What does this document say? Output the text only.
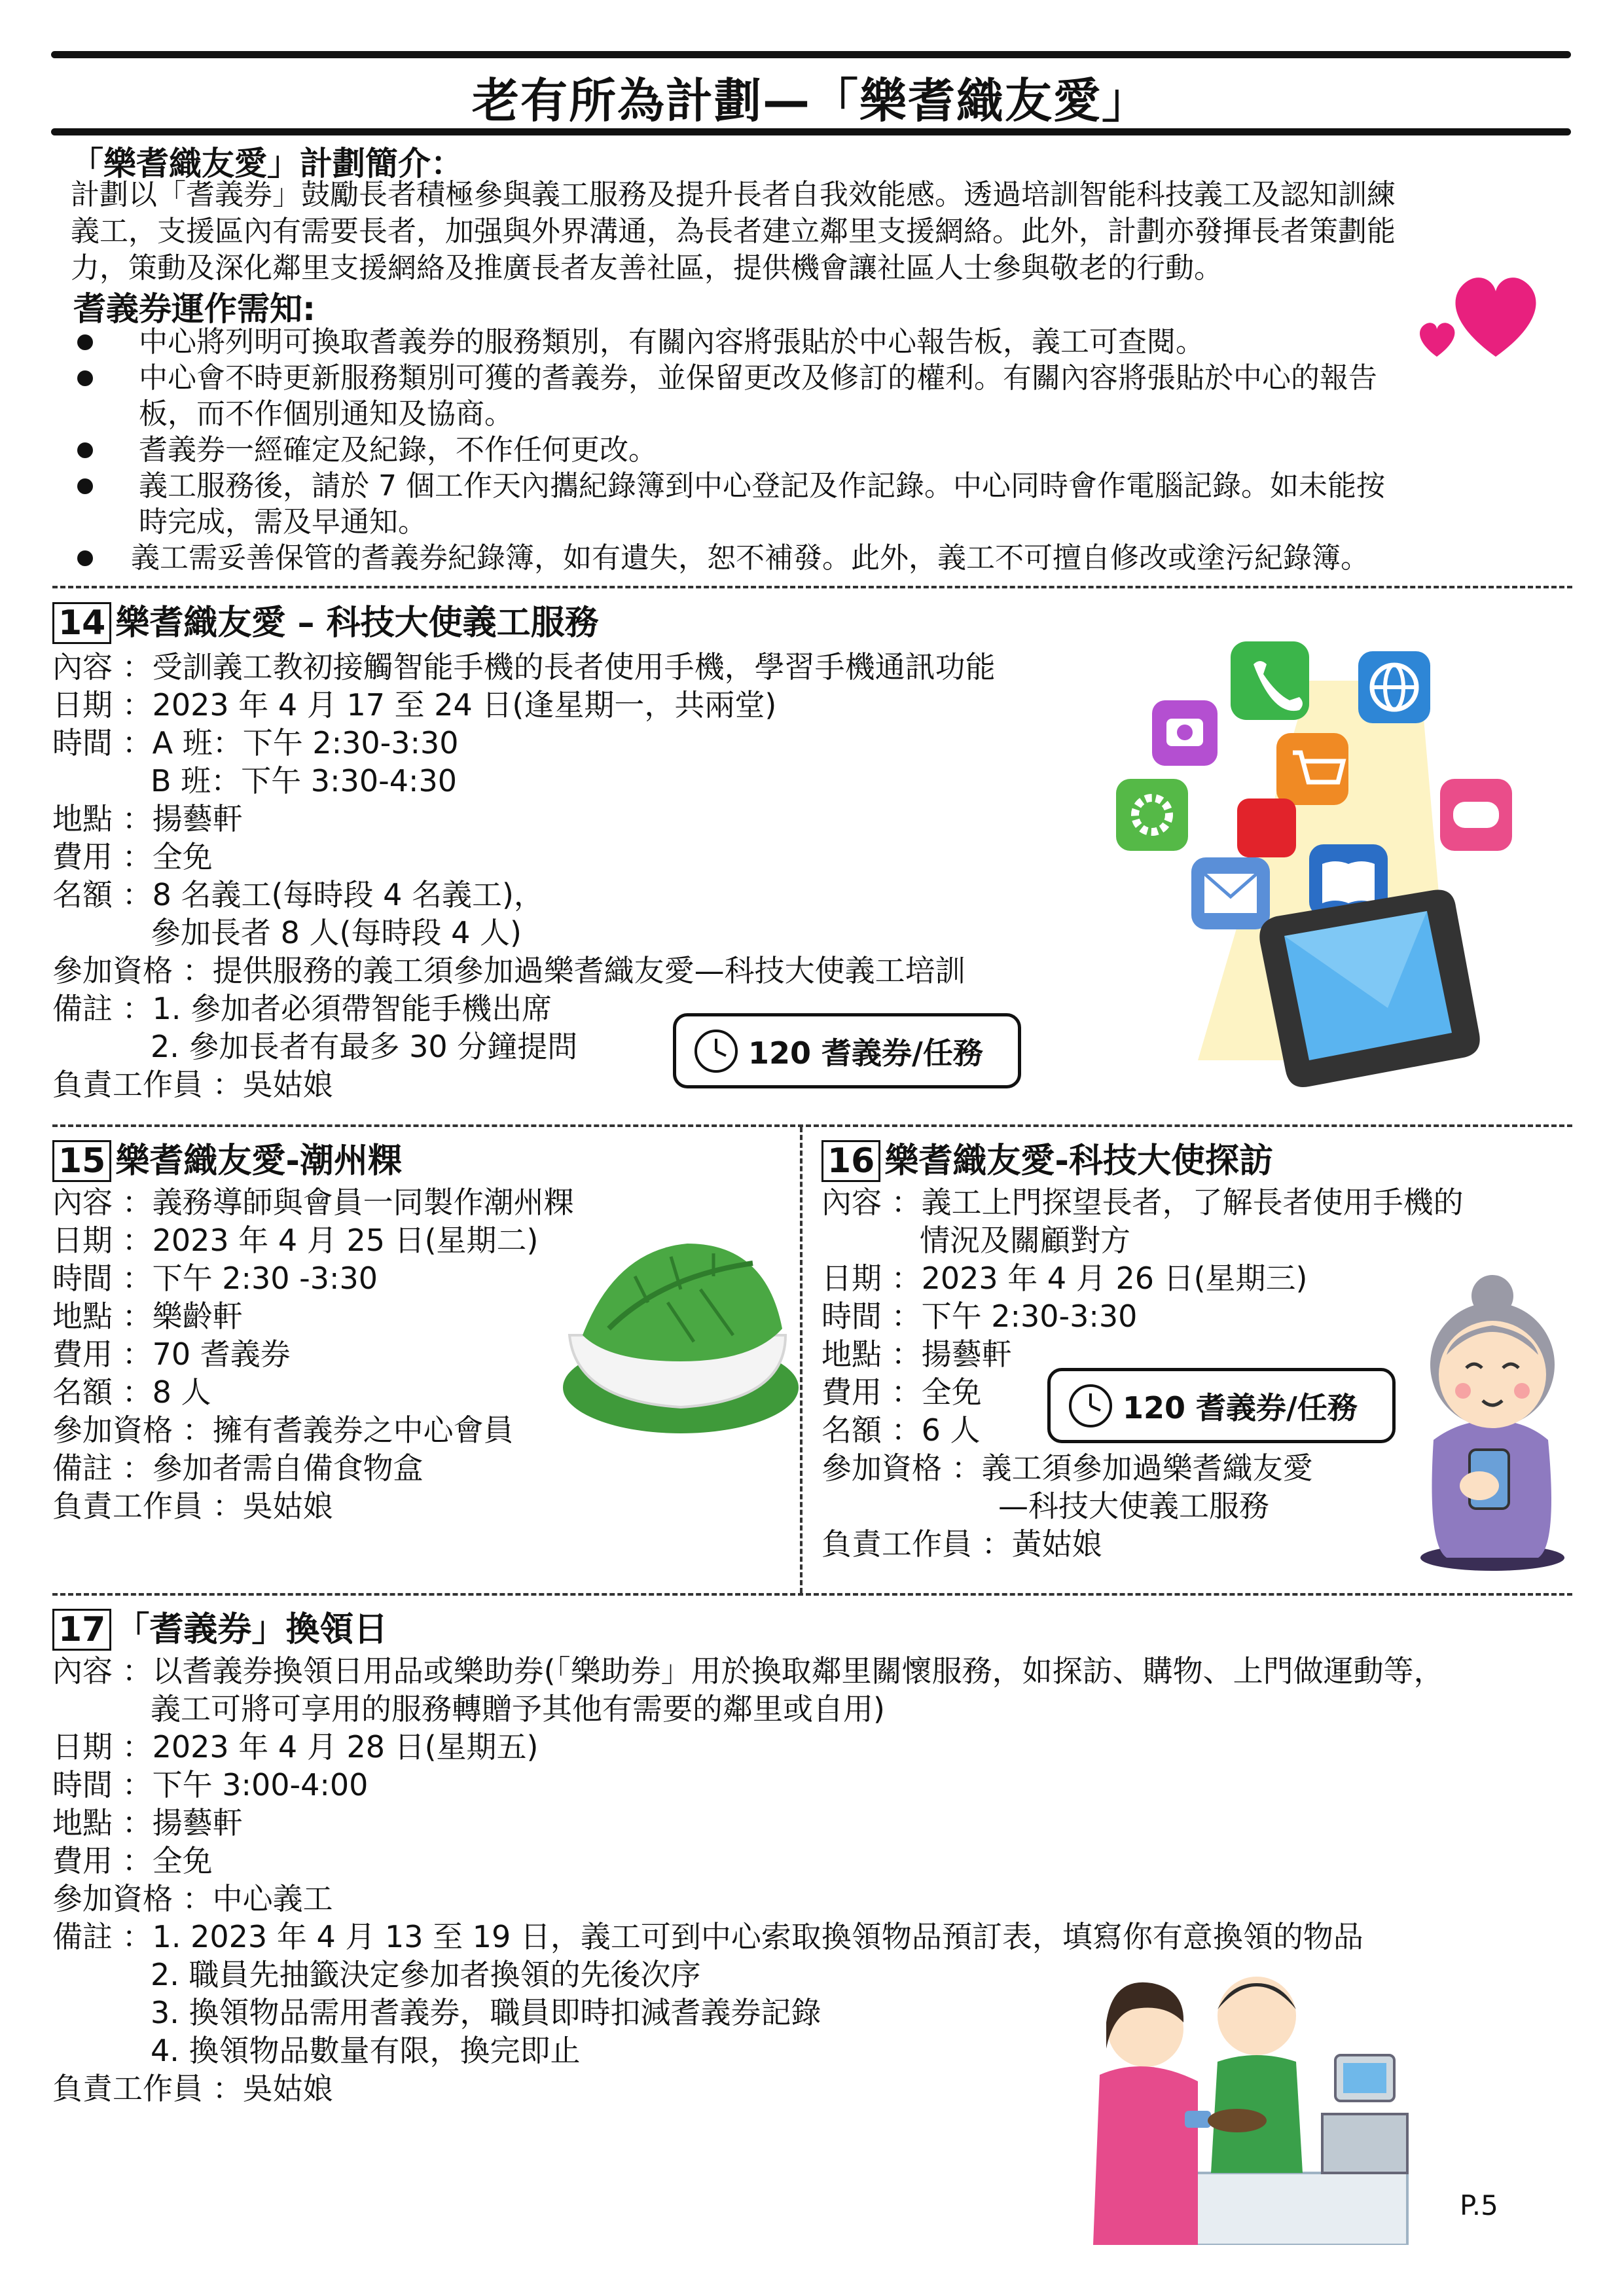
老有所為計劃—「樂耆織友愛」
「樂耆織友愛」計劃簡介：
計劃以「耆義券」鼓勵長者積極參與義工服務及提升長者自我效能感。透過培訓智能科技義工及認知訓練
義工，支援區內有需要長者，加强與外界溝通，為長者建立鄰里支援網絡。此外，計劃亦發揮長者策劃能
力，策動及深化鄰里支援網絡及推廣長者友善社區，提供機會讓社區人士參與敬老的行動。
耆義券運作需知:
中心將列明可換取耆義券的服務類別，有關內容將張貼於中心報告板，義工可查閱。
中心會不時更新服務類別可獲的耆義券，並保留更改及修訂的權利。有關內容將張貼於中心的報告
板，而不作個別通知及協商。
耆義券一經確定及紀錄，不作任何更改。
義工服務後，請於 7 個工作天內攜紀錄簿到中心登記及作記錄。中心同時會作電腦記錄。如未能按
時完成，需及早通知。
義工需妥善保管的耆義券紀錄簿，如有遺失，恕不補發。此外，義工不可擅自修改或塗污紀錄簿。
14 樂耆織友愛 – 科技大使義工服務
內容 ：受訓義工教初接觸智能手機的長者使用手機，學習手機通訊功能
日期 ：2023 年 4 月 17 至 24 日(逢星期一，共兩堂)
時間 ：A 班：下午 2:30-3:30
B 班：下午 3:30-4:30
地點 ：揚藝軒
費用 ：全免
名額 ：8 名義工(每時段 4 名義工)，
參加長者 8 人(每時段 4 人)
參加資格 ：提供服務的義工須參加過樂耆織友愛—科技大使義工培訓
備註 ：1. 參加者必須帶智能手機出席
2. 參加長者有最多 30 分鐘提問
負責工作員 ：吳姑娘
120 耆義券/任務
15 樂耆織友愛-潮州粿
內容 ：義務導師與會員一同製作潮州粿
日期 ：2023 年 4 月 25 日(星期二)
時間 ：下午 2:30 -3:30
地點 ：樂齡軒
費用 ：70 耆義券
名額 ：8 人
參加資格 ：擁有耆義券之中心會員
備註 ：參加者需自備食物盒
負責工作員 ：吳姑娘
16 樂耆織友愛-科技大使探訪
內容 ：義工上門探望長者，了解長者使用手機的
情況及關顧對方
日期 ：2023 年 4 月 26 日(星期三)
時間 ：下午 2:30-3:30
地點 ：揚藝軒
費用 ：全免
名額 ：6 人
參加資格 ：義工須參加過樂耆織友愛
—科技大使義工服務
負責工作員 ：黃姑娘
120 耆義券/任務
17 「耆義券」換領日
內容 ：以耆義券換領日用品或樂助券(「樂助券」用於換取鄰里關懷服務，如探訪、購物、上門做運動等，
義工可將可享用的服務轉贈予其他有需要的鄰里或自用)
日期 ：2023 年 4 月 28 日(星期五)
時間 ：下午 3:00-4:00
地點 ：揚藝軒
費用 ：全免
參加資格 ：中心義工
備註 ：1. 2023 年 4 月 13 至 19 日，義工可到中心索取換領物品預訂表，填寫你有意換領的物品
2. 職員先抽籤決定參加者換領的先後次序
3. 換領物品需用耆義券，職員即時扣減耆義券記錄
4. 換領物品數量有限，換完即止
負責工作員 ：吳姑娘
P.5
